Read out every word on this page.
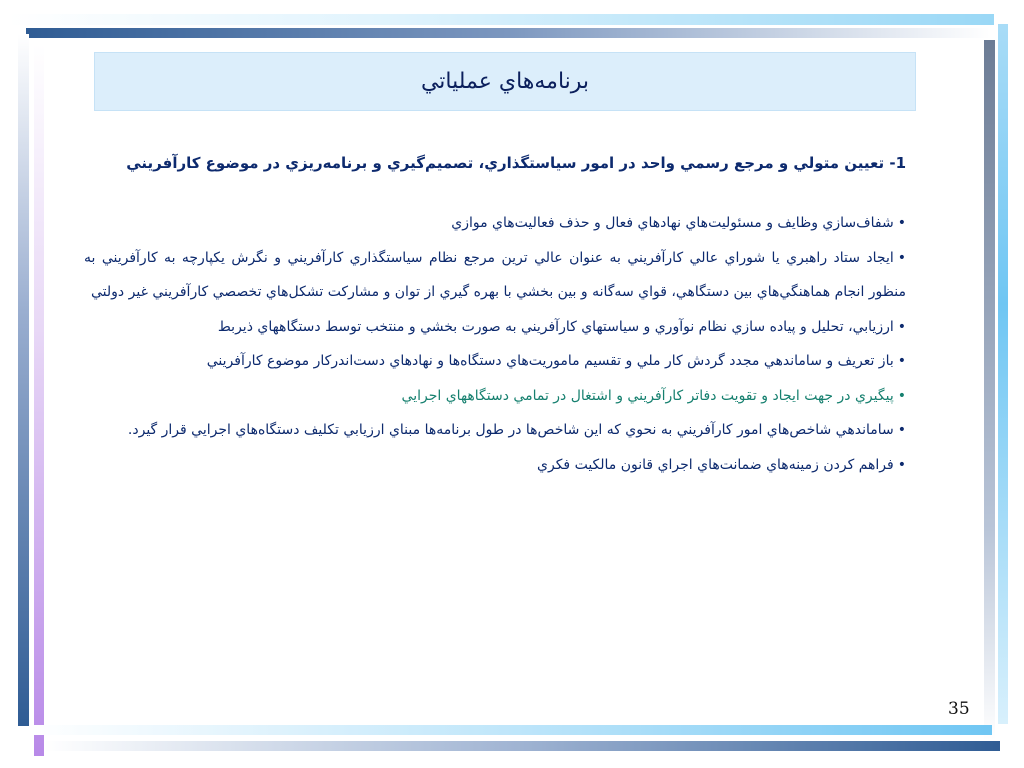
برنامه‌هاي عملياتي
1- تعيين متولي و مرجع رسمي واحد در امور سياستگذاري، تصميم‌گيري و برنامه‌ريزي در موضوع كارآفريني
•شفاف‌سازي وظايف و مسئوليت‌هاي نهادهاي فعال و حذف فعاليت‌هاي موازي
•ايجاد ستاد راهبري يا شوراي عالي كارآفريني به عنوان عالي ترين مرجع نظام سياستگذاري كارآفريني و نگرش يكپارچه به كارآفريني به منظور انجام هماهنگي‌هاي بين دستگاهي، قواي سه‌گانه و بين بخشي با بهره گيري از توان و مشاركت تشكل‌هاي تخصصي كارآفريني غير دولتي
•ارزيابي، تحليل و پياده سازي نظام نوآوري و سياستهاي كارآفريني به صورت بخشي و منتخب توسط دستگاههاي ذيربط
•باز تعريف و ساماندهي مجدد گردش كار ملي و تقسيم ماموريت‌هاي دستگاه‌ها و نهادهاي دست‌اندركار موضوع كارآفريني
•پيگيري در جهت ايجاد و تقويت دفاتر كارآفريني و اشتغال در تمامي دستگاههاي اجرايي
•ساماندهي شاخص‌هاي امور كارآفريني به نحوي كه اين شاخص‌ها در طول برنامه‌ها مبناي ارزيابي تكليف دستگاه‌هاي اجرايي قرار گيرد.
•فراهم كردن زمينه‌هاي ضمانت‌هاي اجراي قانون مالكيت فكري
35
